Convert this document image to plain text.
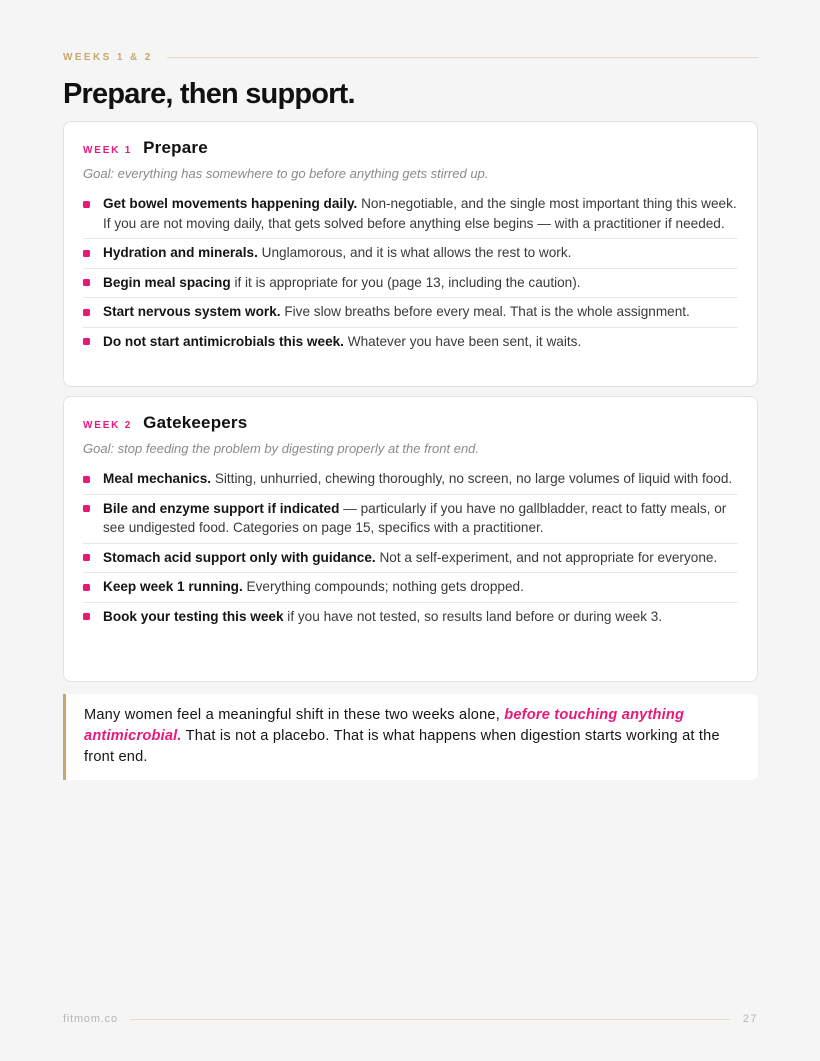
WEEKS 1 & 2
Prepare, then support.
WEEK 1 Prepare
Goal: everything has somewhere to go before anything gets stirred up.
Get bowel movements happening daily. Non-negotiable, and the single most important thing this week. If you are not moving daily, that gets solved before anything else begins — with a practitioner if needed.
Hydration and minerals. Unglamorous, and it is what allows the rest to work.
Begin meal spacing if it is appropriate for you (page 13, including the caution).
Start nervous system work. Five slow breaths before every meal. That is the whole assignment.
Do not start antimicrobials this week. Whatever you have been sent, it waits.
WEEK 2 Gatekeepers
Goal: stop feeding the problem by digesting properly at the front end.
Meal mechanics. Sitting, unhurried, chewing thoroughly, no screen, no large volumes of liquid with food.
Bile and enzyme support if indicated — particularly if you have no gallbladder, react to fatty meals, or see undigested food. Categories on page 15, specifics with a practitioner.
Stomach acid support only with guidance. Not a self-experiment, and not appropriate for everyone.
Keep week 1 running. Everything compounds; nothing gets dropped.
Book your testing this week if you have not tested, so results land before or during week 3.
Many women feel a meaningful shift in these two weeks alone, before touching anything antimicrobial. That is not a placebo. That is what happens when digestion starts working at the front end.
fitmom.co	27
